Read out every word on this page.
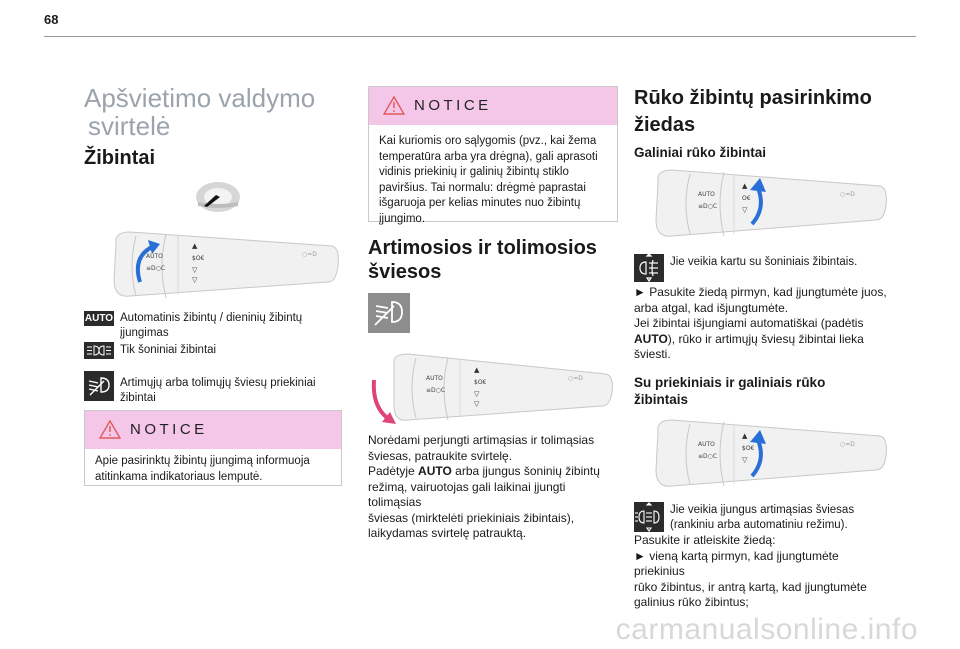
68
Apšvietimo valdymo
svirtelė
Žibintai
AUTO
≡D○C
▲
$O€
▽
▽
○=D
AUTO Automatinis žibintų / dieninių žibintų
įjungimas
Tik šoniniai žibintai
Artimųjų arba tolimųjų šviesų priekiniai
žibintai
NOTICE
Apie pasirinktų žibintų įjungimą informuoja
atitinkama indikatoriaus lemputė.
NOTICE
Kai kuriomis oro sąlygomis (pvz., kai žema
temperatūra arba yra drėgna), gali aprasoti
vidinis priekinių ir galinių žibintų stiklo
paviršius. Tai normalu: drėgmė paprastai
išgaruoja per kelias minutes nuo žibintų
įjungimo.
Artimosios ir tolimosios
šviesos
AUTO
≡D○C
▲
$O€
▽
▽
○=D
Norėdami perjungti artimąsias ir tolimąsias
šviesas, patraukite svirtelę.
Padėtyje AUTO arba įjungus šoninių žibintų
režimą, vairuotojas gali laikinai įjungti tolimąsias
šviesas (mirktelėti priekiniais žibintais),
laikydamas svirtelę patrauktą.
Rūko žibintų pasirinkimo
žiedas
Galiniai rūko žibintai
AUTO
≡D○C
▲
O€
▽
○=D
Jie veikia kartu su šoniniais žibintais.
► Pasukite žiedą pirmyn, kad įjungtumėte juos,
arba atgal, kad išjungtumėte.
Jei žibintai išjungiami automatiškai (padėtis
AUTO), rūko ir artimųjų šviesų žibintai lieka
šviesti.
Su priekiniais ir galiniais rūko
žibintais
AUTO
≡D○C
▲
$O€
▽
○=D
Jie veikia įjungus artimąsias šviesas
(rankiniu arba automatiniu režimu).
Pasukite ir atleiskite žiedą:
► vieną kartą pirmyn, kad įjungtumėte priekinius
rūko žibintus, ir antrą kartą, kad įjungtumėte
galinius rūko žibintus;
carmanualsonline.info
